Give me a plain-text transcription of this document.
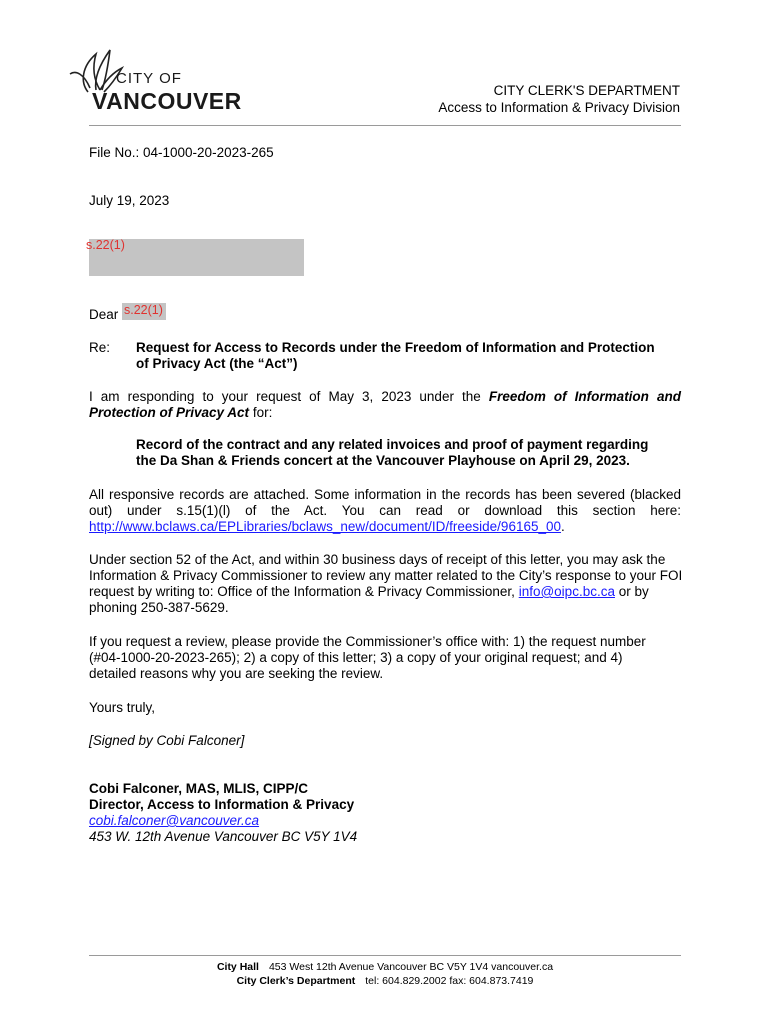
CITY OF
VANCOUVER	CITY CLERK'S DEPARTMENT
Access to Information & Privacy Division
File No.: 04-1000-20-2023-265
July 19, 2023
s.22(1)
Dear s.22(1)
Re: Request for Access to Records under the Freedom of Information and Protection
of Privacy Act (the “Act”)
I am responding to your request of May 3, 2023 under the Freedom of Information and Protection of Privacy Act for:
Record of the contract and any related invoices and proof of payment regarding
the Da Shan & Friends concert at the Vancouver Playhouse on April 29, 2023.
All responsive records are attached. Some information in the records has been severed (blacked out) under s.15(1)(l) of the Act. You can read or download this section here: http://www.bclaws.ca/EPLibraries/bclaws_new/document/ID/freeside/96165_00.
Under section 52 of the Act, and within 30 business days of receipt of this letter, you may ask the Information & Privacy Commissioner to review any matter related to the City’s response to your FOI request by writing to: Office of the Information & Privacy Commissioner, info@oipc.bc.ca or by phoning 250-387-5629.
If you request a review, please provide the Commissioner’s office with: 1) the request number
(#04-1000-20-2023-265); 2) a copy of this letter; 3) a copy of your original request; and 4)
detailed reasons why you are seeking the review.
Yours truly,
[Signed by Cobi Falconer]
Cobi Falconer, MAS, MLIS, CIPP/C
Director, Access to Information & Privacy
cobi.falconer@vancouver.ca
453 W. 12th Avenue Vancouver BC V5Y 1V4
City Hall 453 West 12th Avenue Vancouver BC V5Y 1V4 vancouver.ca
City Clerk’s Department tel: 604.829.2002 fax: 604.873.7419
